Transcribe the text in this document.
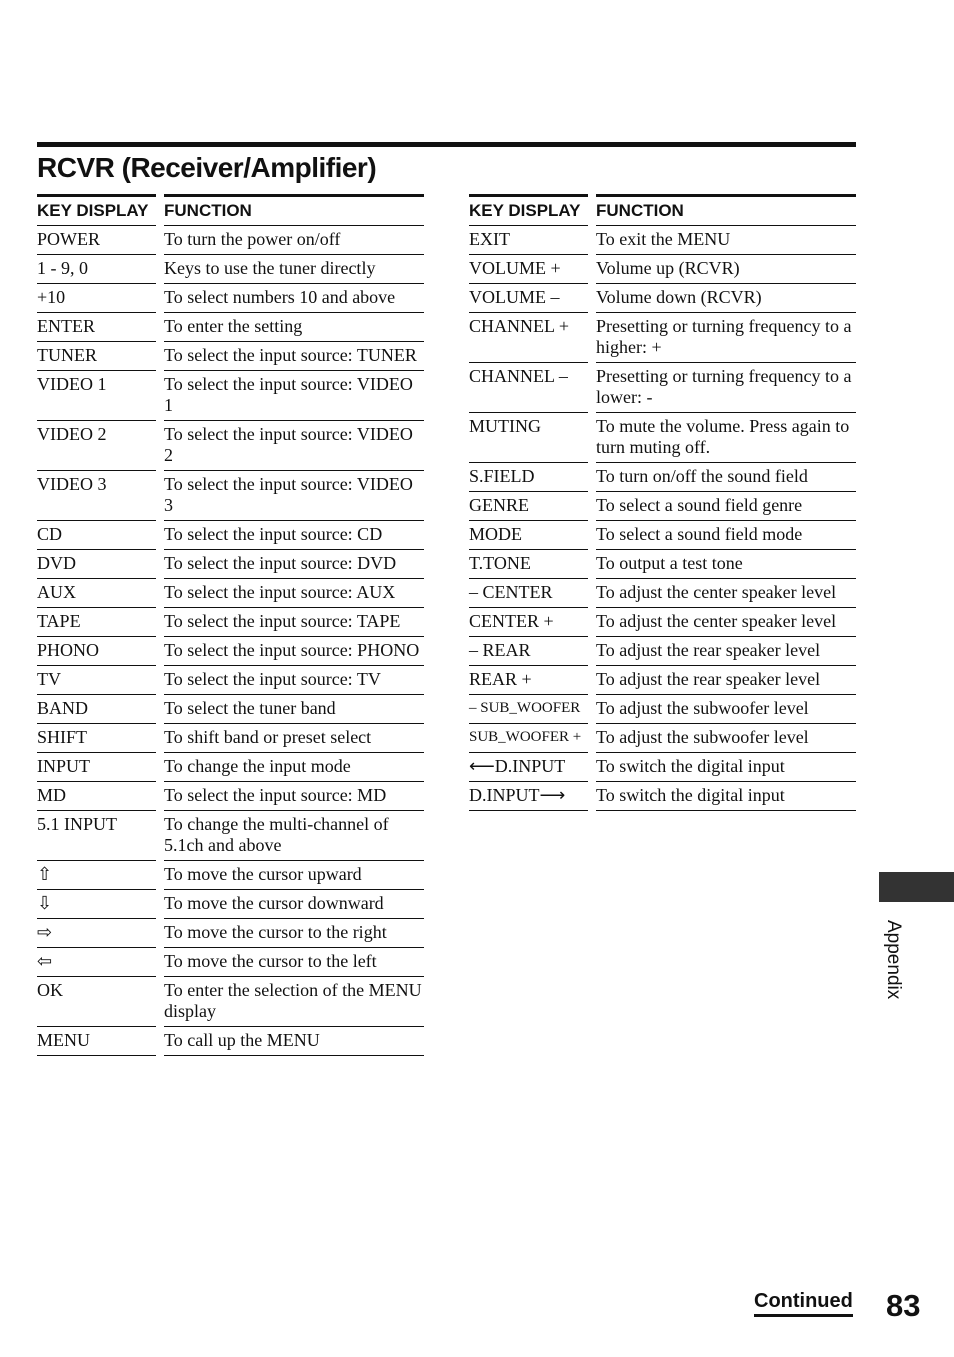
RCVR (Receiver/Amplifier)
KEY DISPLAY FUNCTION
POWER	To turn the power on/off
1 - 9, 0	Keys to use the tuner directly
+10	To select numbers 10 and above
ENTER	To enter the setting
TUNER	To select the input source: TUNER
VIDEO 1	To select the input source: VIDEO 1
VIDEO 2	To select the input source: VIDEO 2
VIDEO 3	To select the input source: VIDEO 3
CD	To select the input source: CD
DVD	To select the input source: DVD
AUX	To select the input source: AUX
TAPE	To select the input source: TAPE
PHONO	To select the input source: PHONO
TV	To select the input source: TV
BAND	To select the tuner band
SHIFT	To shift band or preset select
INPUT	To change the input mode
MD	To select the input source: MD
5.1 INPUT	To change the multi-channel of 5.1ch and above
⇧	To move the cursor upward
⇩	To move the cursor downward
⇨	To move the cursor to the right
⇦	To move the cursor to the left
OK	To enter the selection of the MENU display
MENU	To call up the MENU
KEY DISPLAY FUNCTION
EXIT	To exit the MENU
VOLUME +	Volume up (RCVR)
VOLUME –	Volume down (RCVR)
CHANNEL +	Presetting or turning frequency to a higher: +
CHANNEL –	Presetting or turning frequency to a lower: -
MUTING	To mute the volume. Press again to turn muting off.
S.FIELD	To turn on/off the sound field
GENRE	To select a sound field genre
MODE	To select a sound field mode
T.TONE	To output a test tone
– CENTER	To adjust the center speaker level
CENTER +	To adjust the center speaker level
– REAR	To adjust the rear speaker level
REAR +	To adjust the rear speaker level
– SUB_WOOFER To adjust the subwoofer level
SUB_WOOFER + To adjust the subwoofer level
⟵D.INPUT	To switch the digital input
D.INPUT⟶	To switch the digital input
Appendix
Continued 83
